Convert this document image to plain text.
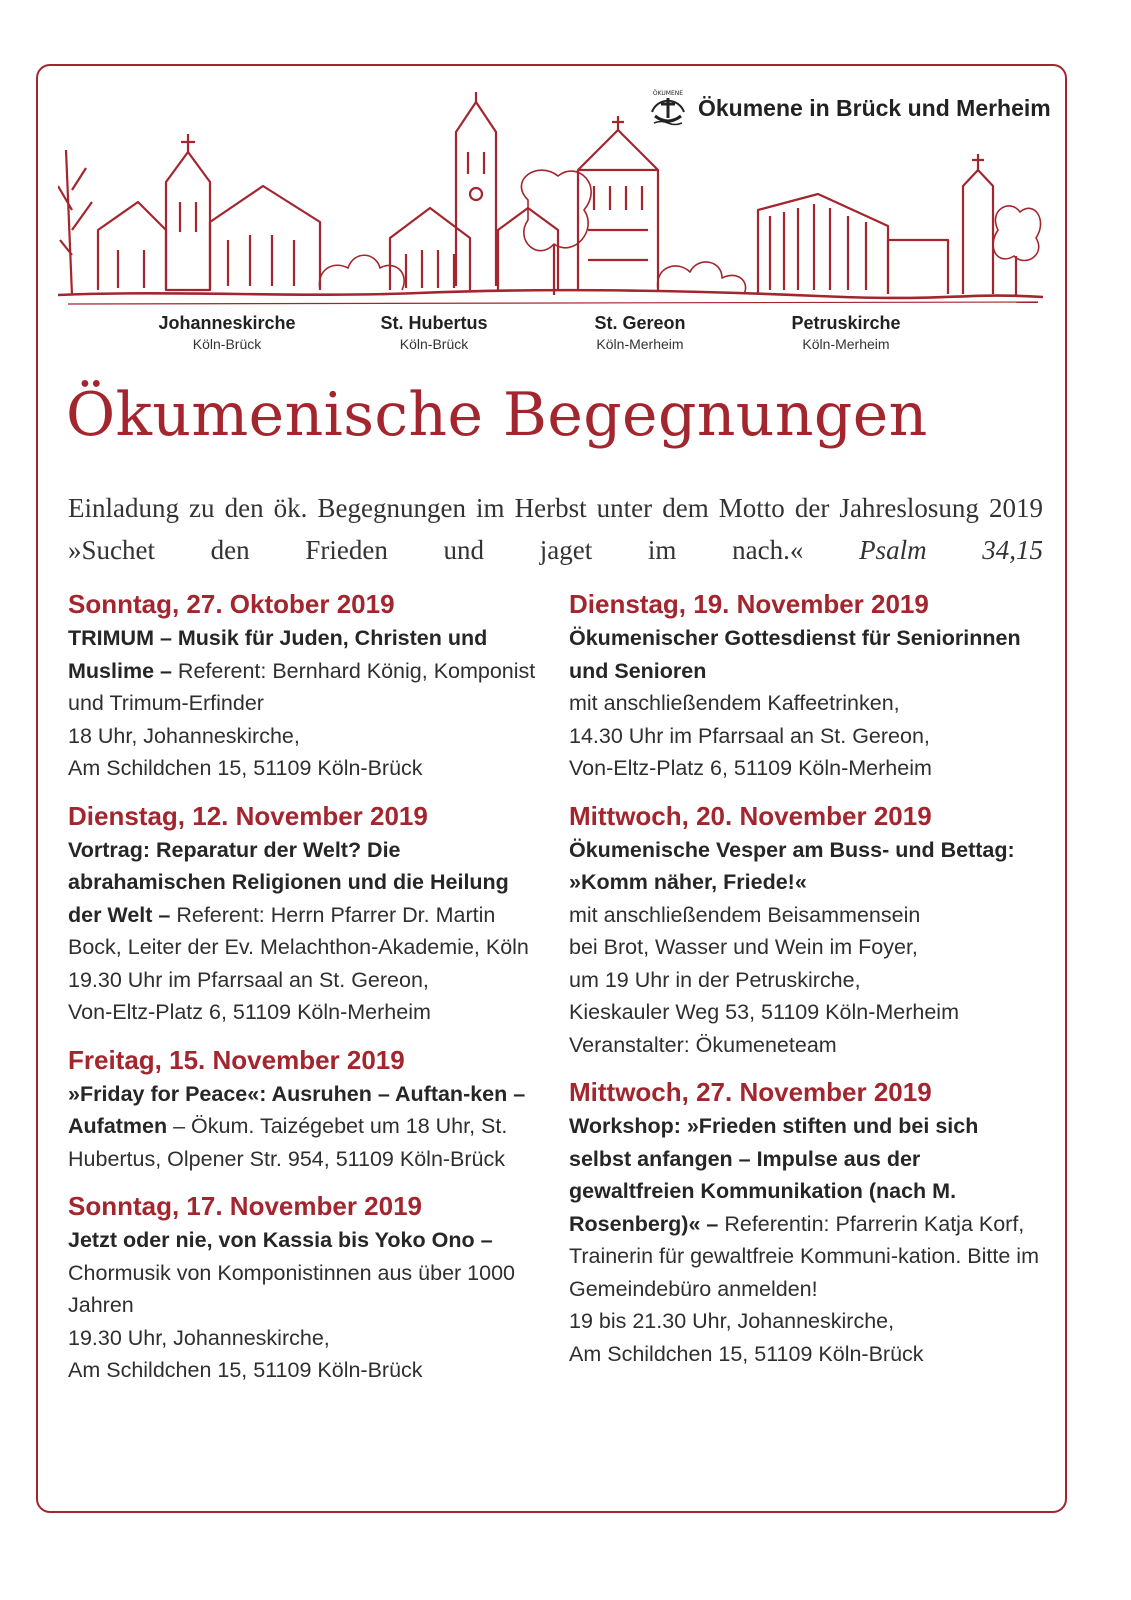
ÖKUMENE
Ökumene in Brück und Merheim
Johanneskirche
Köln-Brück
St. Hubertus
Köln-Brück
St. Gereon
Köln-Merheim
Petruskirche
Köln-Merheim
Ökumenische Begegnungen
Einladung zu den ök. Begegnungen im Herbst unter dem Motto der Jahreslosung 2019 »Suchet den Frieden und jaget im nach.« Psalm 34,15
Sonntag, 27. Oktober 2019
TRIMUM – Musik für Juden, Christen und Muslime – Referent: Bernhard König, Komponist und Trimum-Erfinder
18 Uhr, Johanneskirche,
Am Schildchen 15, 51109 Köln-Brück
Dienstag, 12. November 2019
Vortrag: Reparatur der Welt? Die abrahamischen Religionen und die Heilung der Welt – Referent: Herrn Pfarrer Dr. Martin Bock, Leiter der Ev. Melachthon-Akademie, Köln
19.30 Uhr im Pfarrsaal an St. Gereon,
Von-Eltz-Platz 6, 51109 Köln-Merheim
Freitag, 15. November 2019
»Friday for Peace«: Ausruhen – Auftan-ken – Aufatmen – Ökum. Taizégebet um 18 Uhr, St. Hubertus, Olpener Str. 954, 51109 Köln-Brück
Sonntag, 17. November 2019
Jetzt oder nie, von Kassia bis Yoko Ono – Chormusik von Komponistinnen aus über 1000 Jahren
19.30 Uhr, Johanneskirche,
Am Schildchen 15, 51109 Köln-Brück
Dienstag, 19. November 2019
Ökumenischer Gottesdienst für Seniorinnen und Senioren
mit anschließendem Kaffeetrinken,
14.30 Uhr im Pfarrsaal an St. Gereon,
Von-Eltz-Platz 6, 51109 Köln-Merheim
Mittwoch, 20. November 2019
Ökumenische Vesper am Buss- und Bettag: »Komm näher, Friede!«
mit anschließendem Beisammensein
bei Brot, Wasser und Wein im Foyer,
um 19 Uhr in der Petruskirche,
Kieskauler Weg 53, 51109 Köln-Merheim
Veranstalter: Ökumeneteam
Mittwoch, 27. November 2019
Workshop: »Frieden stiften und bei sich selbst anfangen – Impulse aus der gewaltfreien Kommunikation (nach M. Rosenberg)« – Referentin: Pfarrerin Katja Korf, Trainerin für gewaltfreie Kommuni-kation. Bitte im Gemeindebüro anmelden!
19 bis 21.30 Uhr, Johanneskirche,
Am Schildchen 15, 51109 Köln-Brück
